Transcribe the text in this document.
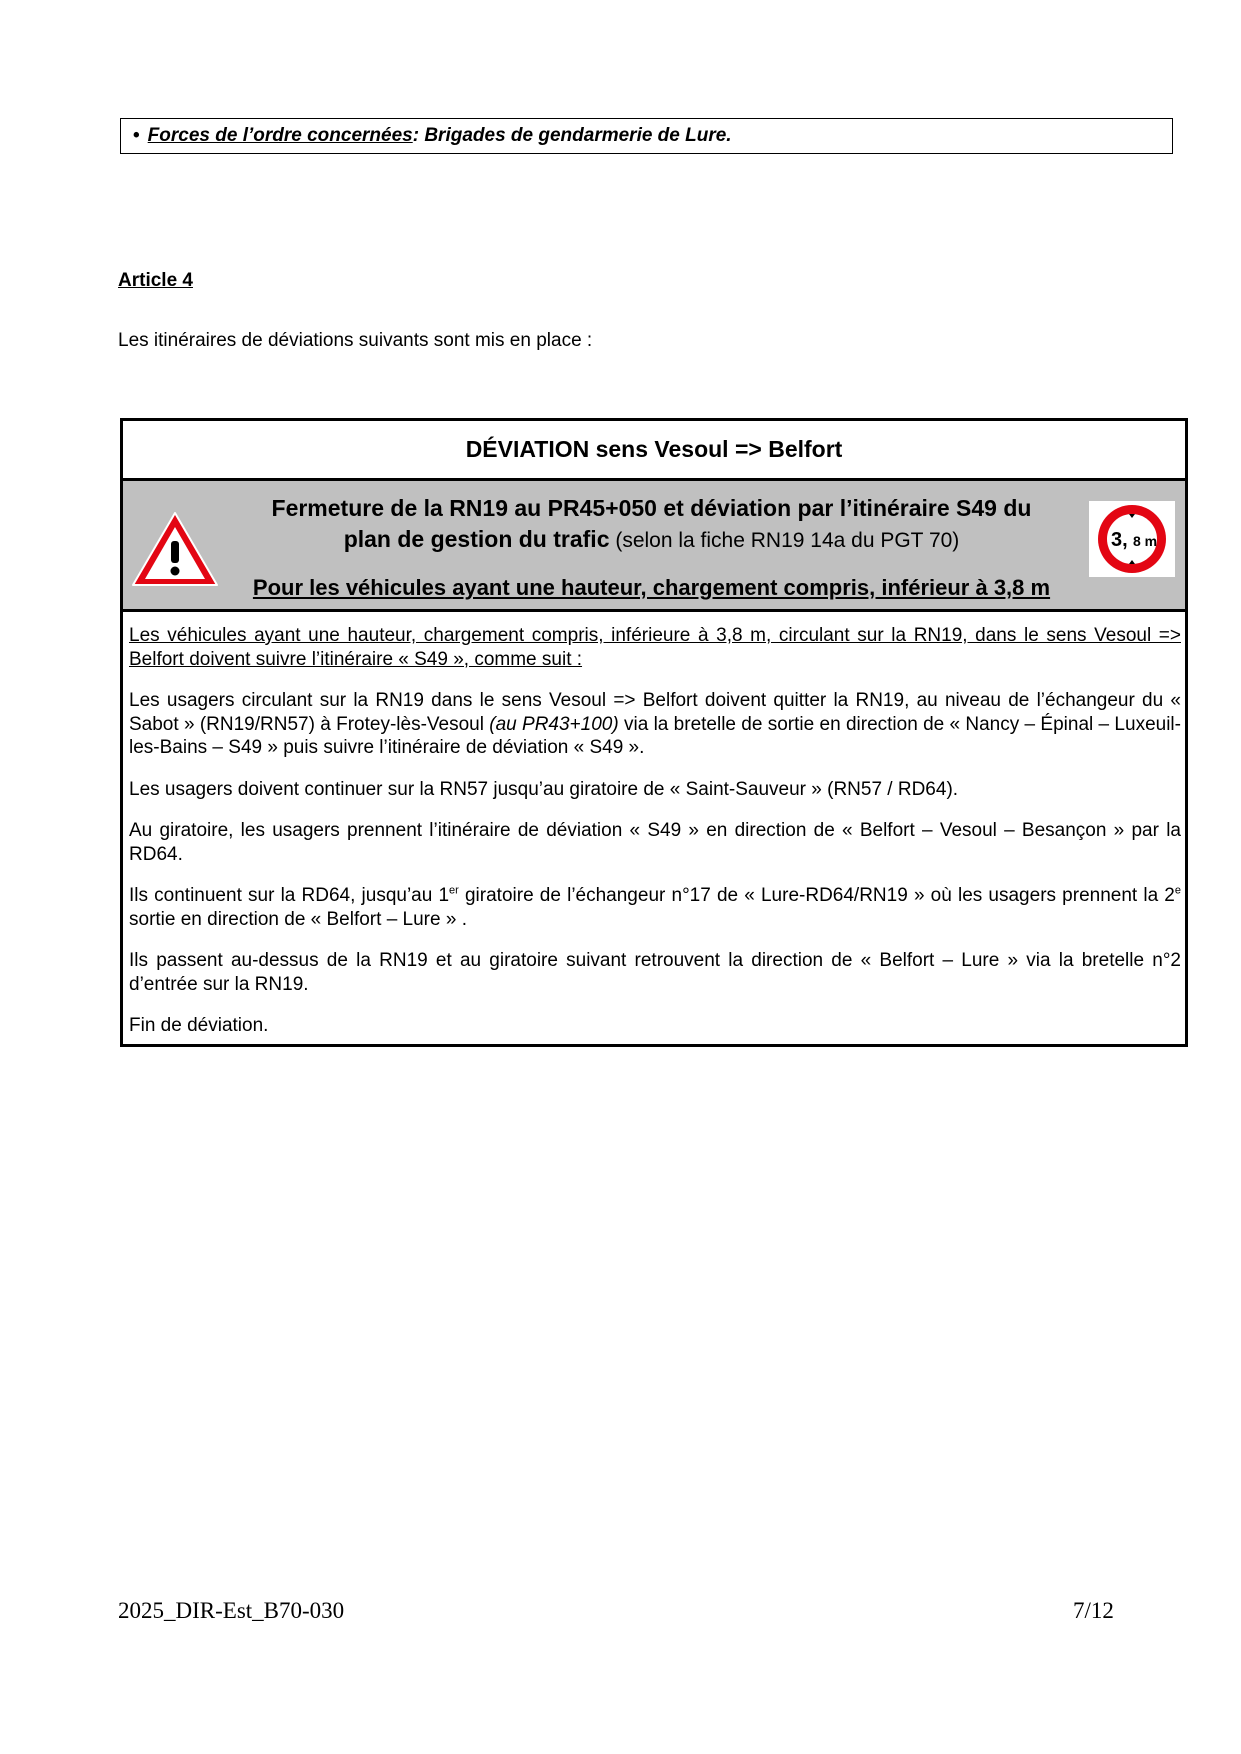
• Forces de l’ordre concernées : Brigades de gendarmerie de Lure.
Article 4
Les itinéraires de déviations suivants sont mis en place :
DÉVIATION sens Vesoul => Belfort
Fermeture de la RN19 au PR45+050 et déviation par l’itinéraire S49 du
plan de gestion du trafic (selon la fiche RN19 14a du PGT 70)	3, 8 m
Pour les véhicules ayant une hauteur, chargement compris, inférieur à 3,8 m

Les véhicules ayant une hauteur, chargement compris, inférieure à 3,8 m, circulant sur la RN19, dans le sens Vesoul => Belfort doivent suivre l’itinéraire « S49 », comme suit :

Les usagers circulant sur la RN19 dans le sens Vesoul => Belfort doivent quitter la RN19, au niveau de l’échangeur du « Sabot » (RN19/RN57) à Frotey-lès-Vesoul (au PR43+100) via la bretelle de sortie en direction de « Nancy – Épinal – Luxeuil-les-Bains – S49 » puis suivre l’itinéraire de déviation « S49 ».

Les usagers doivent continuer sur la RN57 jusqu’au giratoire de « Saint-Sauveur » (RN57 / RD64).

Au giratoire, les usagers prennent l’itinéraire de déviation « S49 » en direction de « Belfort – Vesoul – Besançon » par la RD64.

Ils continuent sur la RD64, jusqu’au 1er giratoire de l’échangeur n°17 de « Lure-RD64/RN19 » où les usagers prennent la 2e sortie en direction de « Belfort – Lure » .

Ils passent au-dessus de la RN19 et au giratoire suivant retrouvent la direction de « Belfort – Lure » via la bretelle n°2 d’entrée sur la RN19.

Fin de déviation.

2025_DIR-Est_B70-030	7/12
